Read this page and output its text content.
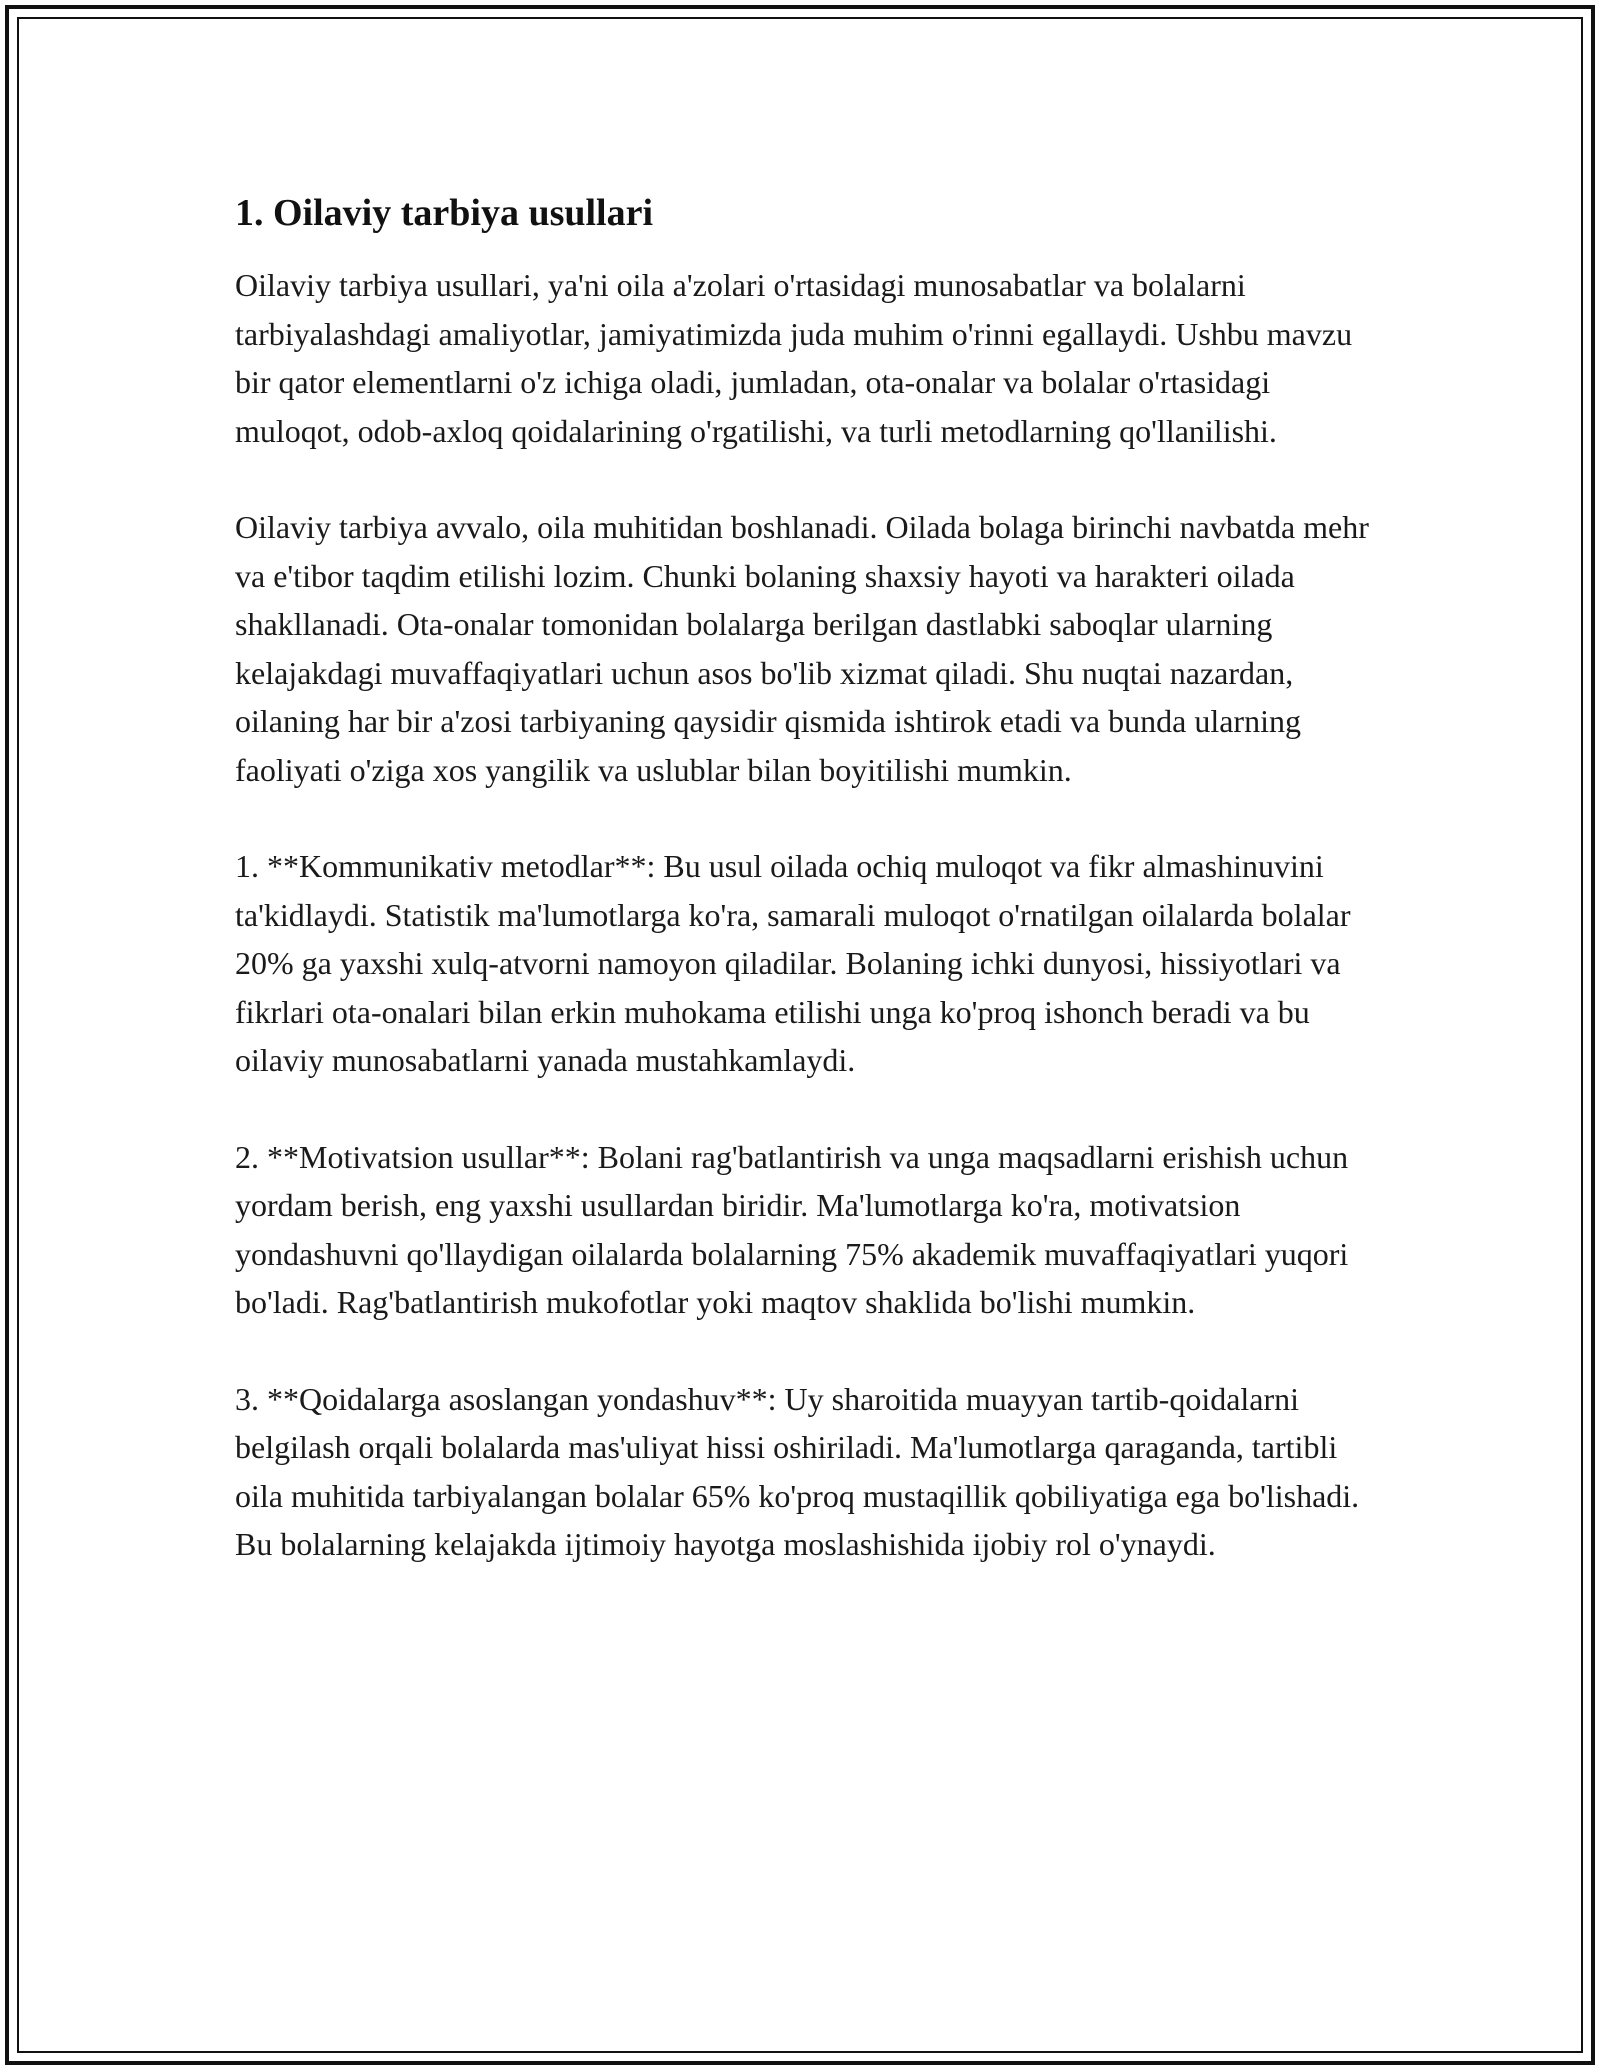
1. Oilaviy tarbiya usullari

Oilaviy tarbiya usullari, ya'ni oila a'zolari o'rtasidagi munosabatlar va bolalarni tarbiyalashdagi amaliyotlar, jamiyatimizda juda muhim o'rinni egallaydi. Ushbu mavzu bir qator elementlarni o'z ichiga oladi, jumladan, ota-onalar va bolalar o'rtasidagi muloqot, odob-axloq qoidalarining o'rgatilishi, va turli metodlarning qo'llanilishi.

Oilaviy tarbiya avvalo, oila muhitidan boshlanadi. Oilada bolaga birinchi navbatda mehr va e'tibor taqdim etilishi lozim. Chunki bolaning shaxsiy hayoti va harakteri oilada shakllanadi. Ota-onalar tomonidan bolalarga berilgan dastlabki saboqlar ularning kelajakdagi muvaffaqiyatlari uchun asos bo'lib xizmat qiladi. Shu nuqtai nazardan, oilaning har bir a'zosi tarbiyaning qaysidir qismida ishtirok etadi va bunda ularning faoliyati o'ziga xos yangilik va uslublar bilan boyitilishi mumkin.

1. **Kommunikativ metodlar**: Bu usul oilada ochiq muloqot va fikr almashinuvini ta'kidlaydi. Statistik ma'lumotlarga ko'ra, samarali muloqot o'rnatilgan oilalarda bolalar 20% ga yaxshi xulq-atvorni namoyon qiladilar. Bolaning ichki dunyosi, hissiyotlari va fikrlari ota-onalari bilan erkin muhokama etilishi unga ko'proq ishonch beradi va bu oilaviy munosabatlarni yanada mustahkamlaydi.

2. **Motivatsion usullar**: Bolani rag'batlantirish va unga maqsadlarni erishish uchun yordam berish, eng yaxshi usullardan biridir. Ma'lumotlarga ko'ra, motivatsion yondashuvni qo'llaydigan oilalarda bolalarning 75% akademik muvaffaqiyatlari yuqori bo'ladi. Rag'batlantirish mukofotlar yoki maqtov shaklida bo'lishi mumkin.

3. **Qoidalarga asoslangan yondashuv**: Uy sharoitida muayyan tartib-qoidalarni belgilash orqali bolalarda mas'uliyat hissi oshiriladi. Ma'lumotlarga qaraganda, tartibli oila muhitida tarbiyalangan bolalar 65% ko'proq mustaqillik qobiliyatiga ega bo'lishadi. Bu bolalarning kelajakda ijtimoiy hayotga moslashishida ijobiy rol o'ynaydi.
